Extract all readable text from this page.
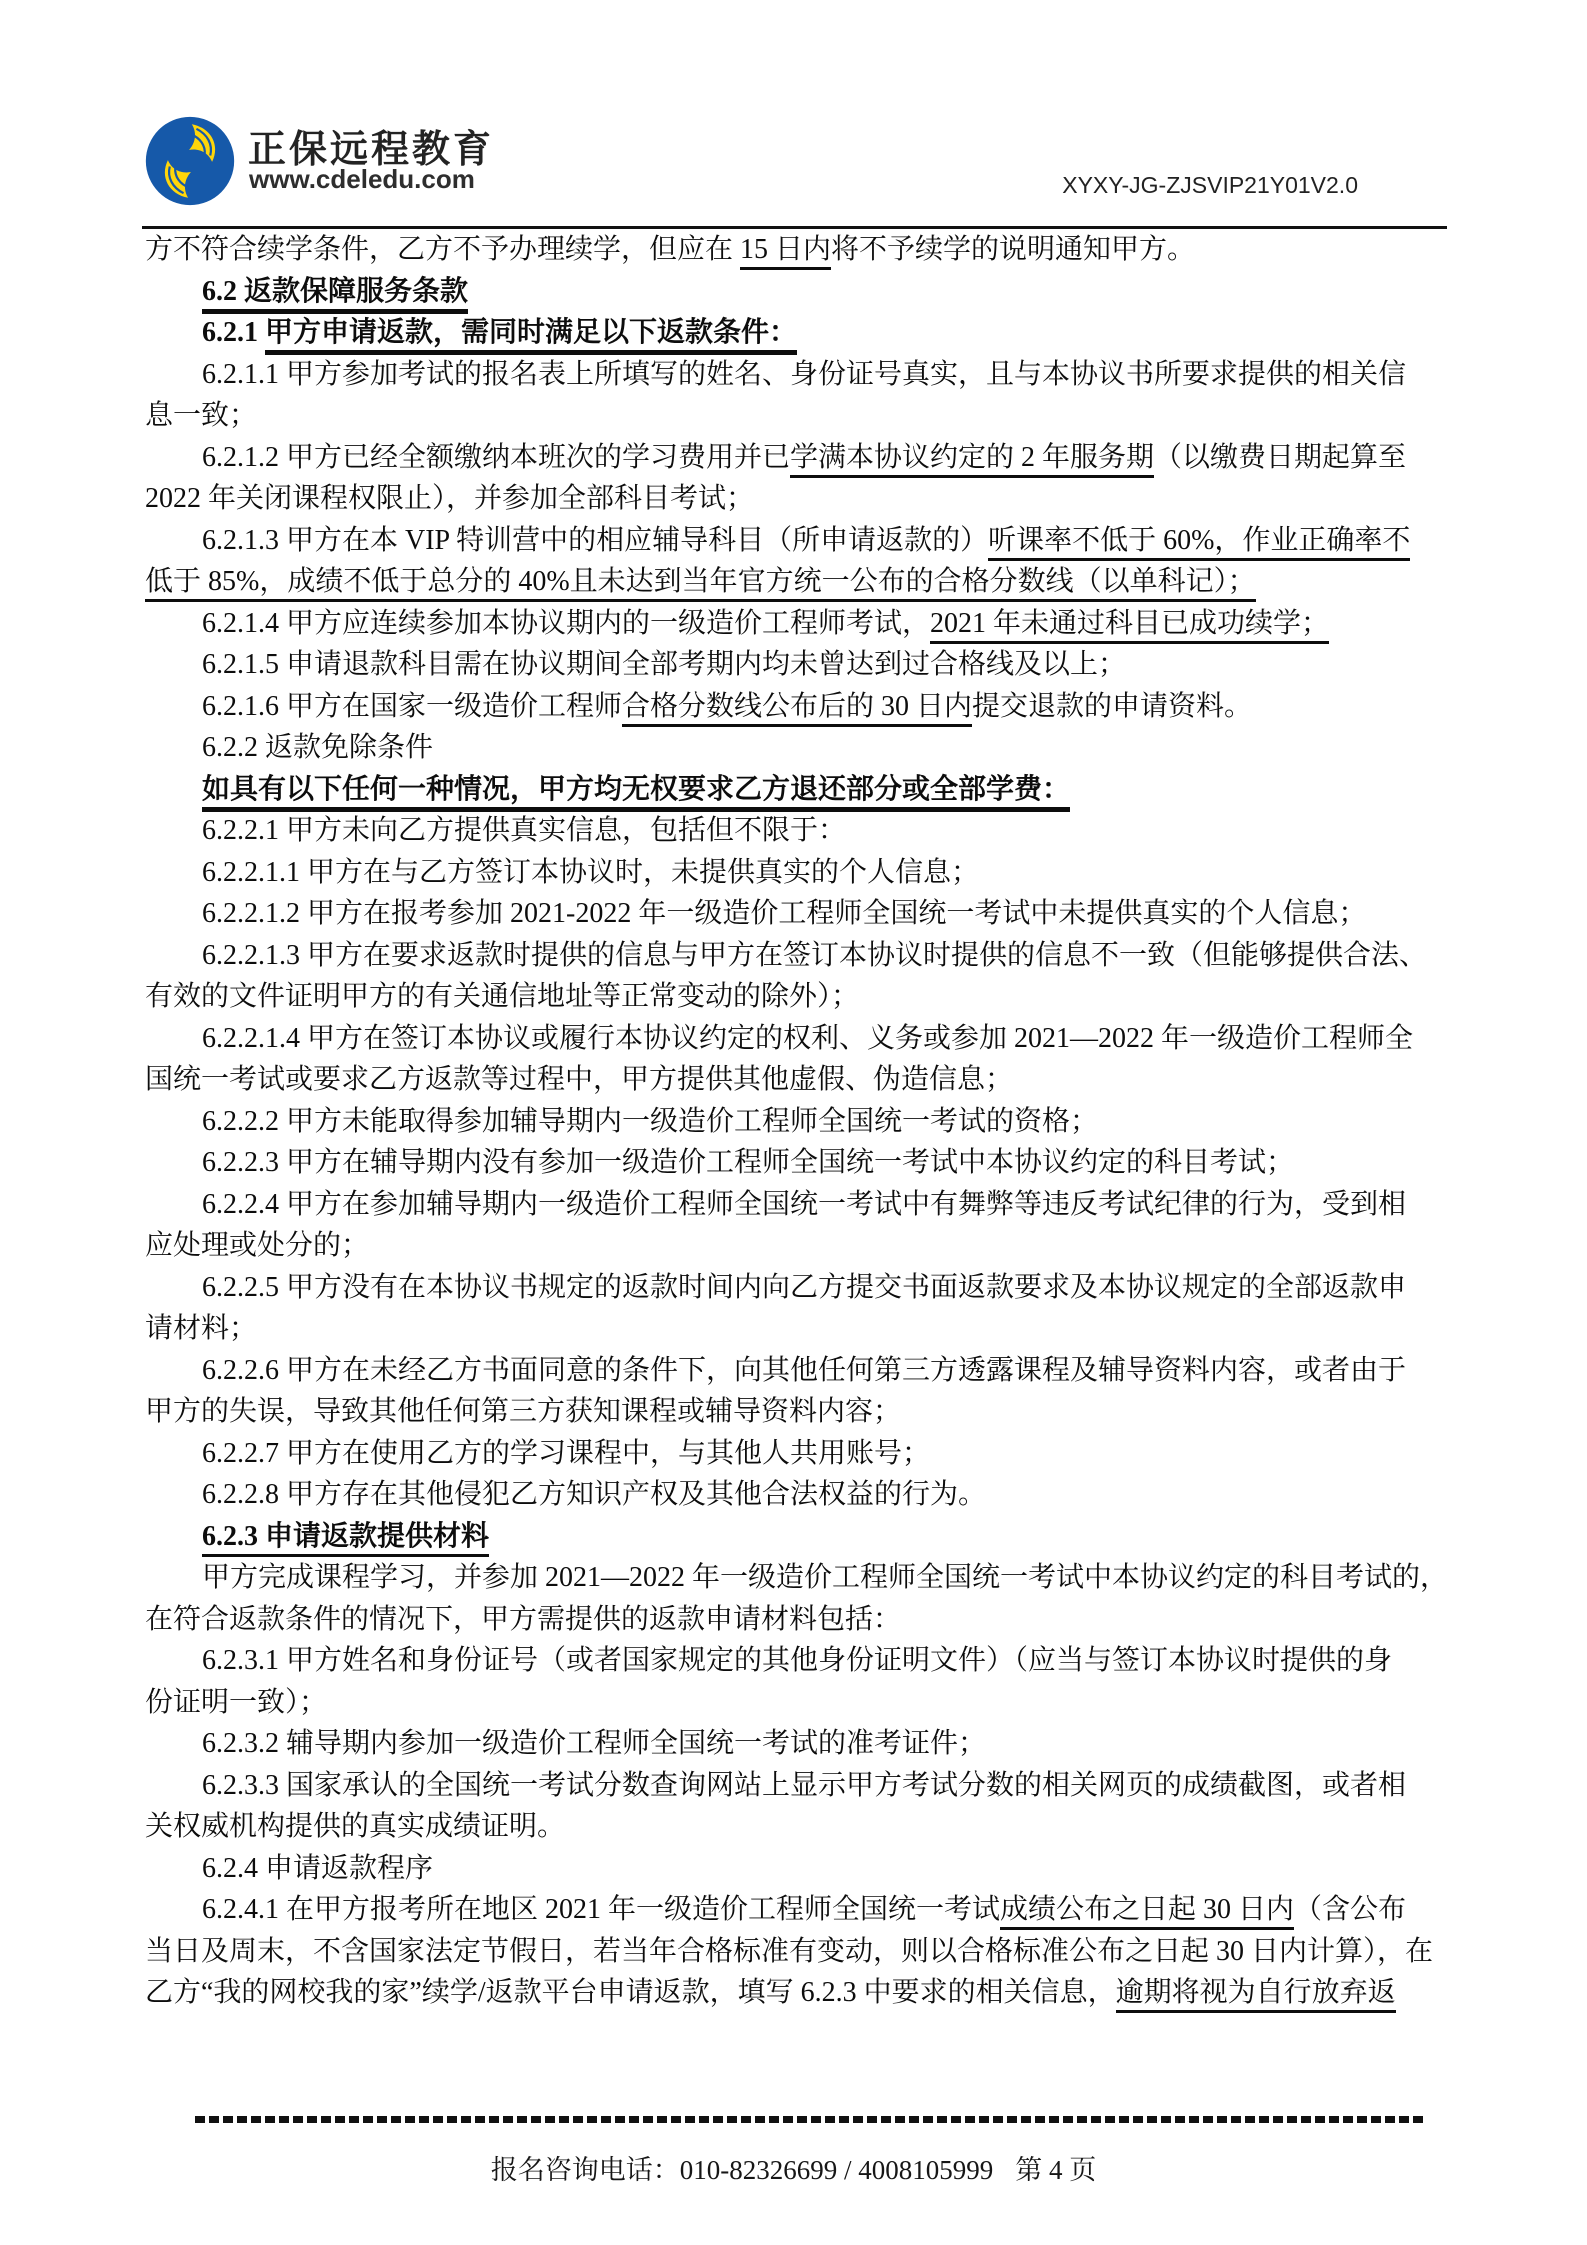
正保远程教育
www.cdeledu.com	XYXY-JG-ZJSVIP21Y01V2.0
方不符合续学条件，乙方不予办理续学，但应在 15 日内将不予续学的说明通知甲方。
6.2 返款保障服务条款
6.2.1 甲方申请返款，需同时满足以下返款条件：
6.2.1.1 甲方参加考试的报名表上所填写的姓名、身份证号真实，且与本协议书所要求提供的相关信
息一致；
6.2.1.2 甲方已经全额缴纳本班次的学习费用并已学满本协议约定的 2 年服务期（以缴费日期起算至
2022 年关闭课程权限止），并参加全部科目考试；
6.2.1.3 甲方在本 VIP 特训营中的相应辅导科目（所申请返款的）听课率不低于 60%，作业正确率不
低于 85%，成绩不低于总分的 40%且未达到当年官方统一公布的合格分数线（以单科记）；
6.2.1.4 甲方应连续参加本协议期内的一级造价工程师考试，2021 年未通过科目已成功续学；
6.2.1.5 申请退款科目需在协议期间全部考期内均未曾达到过合格线及以上；
6.2.1.6 甲方在国家一级造价工程师合格分数线公布后的 30 日内提交退款的申请资料。
6.2.2 返款免除条件
如具有以下任何一种情况，甲方均无权要求乙方退还部分或全部学费：
6.2.2.1 甲方未向乙方提供真实信息，包括但不限于：
6.2.2.1.1 甲方在与乙方签订本协议时，未提供真实的个人信息；
6.2.2.1.2 甲方在报考参加 2021-2022 年一级造价工程师全国统一考试中未提供真实的个人信息；
6.2.2.1.3 甲方在要求返款时提供的信息与甲方在签订本协议时提供的信息不一致（但能够提供合法、
有效的文件证明甲方的有关通信地址等正常变动的除外）；
6.2.2.1.4 甲方在签订本协议或履行本协议约定的权利、义务或参加 2021—2022 年一级造价工程师全
国统一考试或要求乙方返款等过程中，甲方提供其他虚假、伪造信息；
6.2.2.2 甲方未能取得参加辅导期内一级造价工程师全国统一考试的资格；
6.2.2.3 甲方在辅导期内没有参加一级造价工程师全国统一考试中本协议约定的科目考试；
6.2.2.4 甲方在参加辅导期内一级造价工程师全国统一考试中有舞弊等违反考试纪律的行为，受到相
应处理或处分的；
6.2.2.5 甲方没有在本协议书规定的返款时间内向乙方提交书面返款要求及本协议规定的全部返款申
请材料；
6.2.2.6 甲方在未经乙方书面同意的条件下，向其他任何第三方透露课程及辅导资料内容，或者由于
甲方的失误，导致其他任何第三方获知课程或辅导资料内容；
6.2.2.7 甲方在使用乙方的学习课程中，与其他人共用账号；
6.2.2.8 甲方存在其他侵犯乙方知识产权及其他合法权益的行为。
6.2.3 申请返款提供材料
甲方完成课程学习，并参加 2021—2022 年一级造价工程师全国统一考试中本协议约定的科目考试的，
在符合返款条件的情况下，甲方需提供的返款申请材料包括：
6.2.3.1 甲方姓名和身份证号（或者国家规定的其他身份证明文件）（应当与签订本协议时提供的身
份证明一致）；
6.2.3.2 辅导期内参加一级造价工程师全国统一考试的准考证件；
6.2.3.3 国家承认的全国统一考试分数查询网站上显示甲方考试分数的相关网页的成绩截图，或者相
关权威机构提供的真实成绩证明。
6.2.4 申请返款程序
6.2.4.1 在甲方报考所在地区 2021 年一级造价工程师全国统一考试成绩公布之日起 30 日内（含公布
当日及周末，不含国家法定节假日，若当年合格标准有变动，则以合格标准公布之日起 30 日内计算），在
乙方“我的网校我的家”续学/返款平台申请返款，填写 6.2.3 中要求的相关信息，逾期将视为自行放弃返
报名咨询电话：010-82326699 / 4008105999 第 4 页
